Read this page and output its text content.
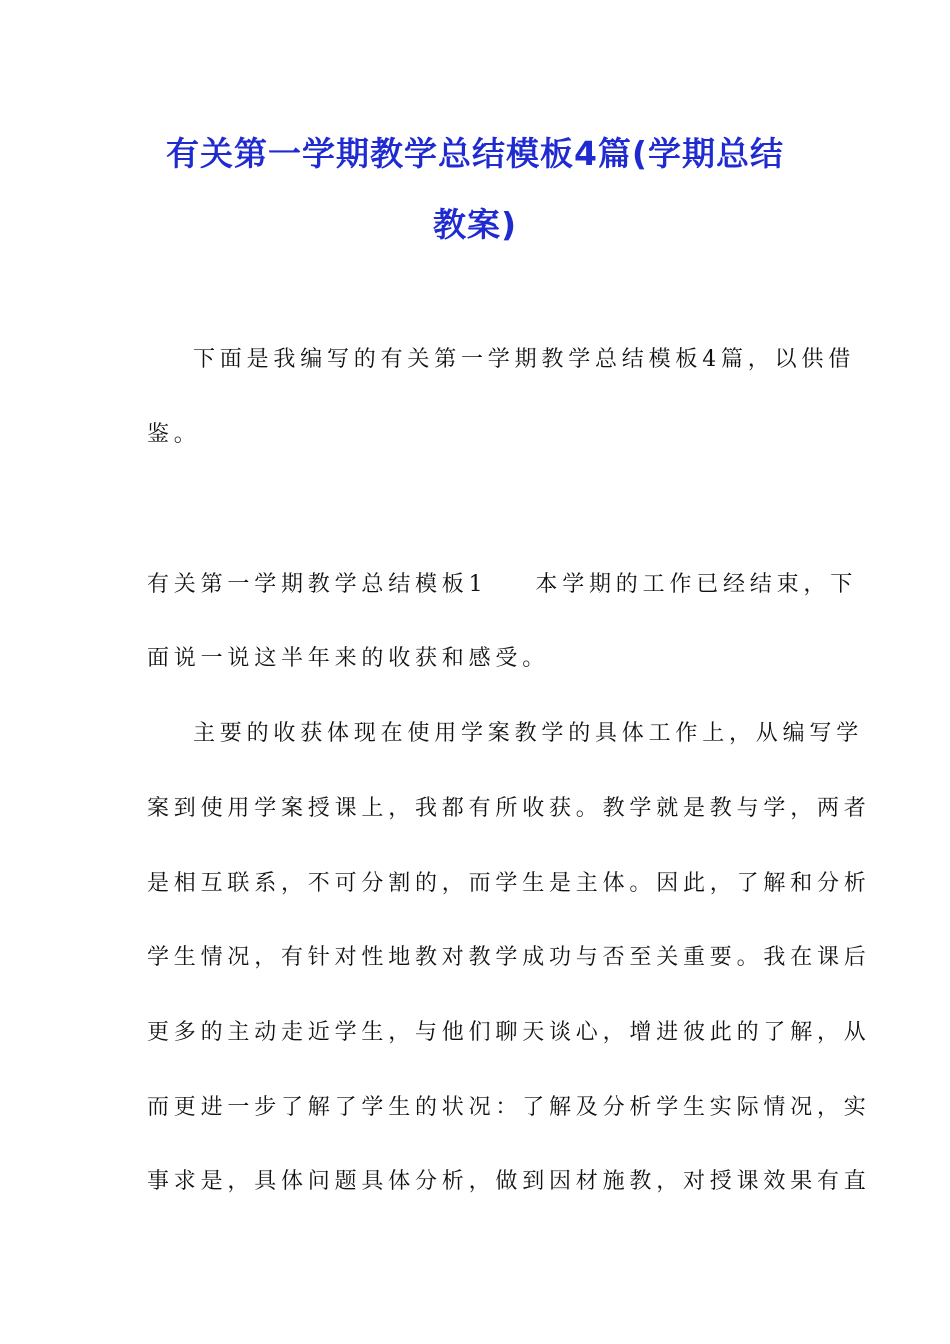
有关第一学期教学总结模板4篇(学期总结
教案)
下面是我编写的有关第一学期教学总结模板4篇，以供借
鉴。
有关第一学期教学总结模板1 本学期的工作已经结束，下
面说一说这半年来的收获和感受。
主要的收获体现在使用学案教学的具体工作上，从编写学
案到使用学案授课上，我都有所收获。教学就是教与学，两者
是相互联系，不可分割的，而学生是主体。因此，了解和分析
学生情况，有针对性地教对教学成功与否至关重要。我在课后
更多的主动走近学生，与他们聊天谈心，增进彼此的了解，从
而更进一步了解了学生的状况：了解及分析学生实际情况，实
事求是，具体问题具体分析，做到因材施教，对授课效果有直
